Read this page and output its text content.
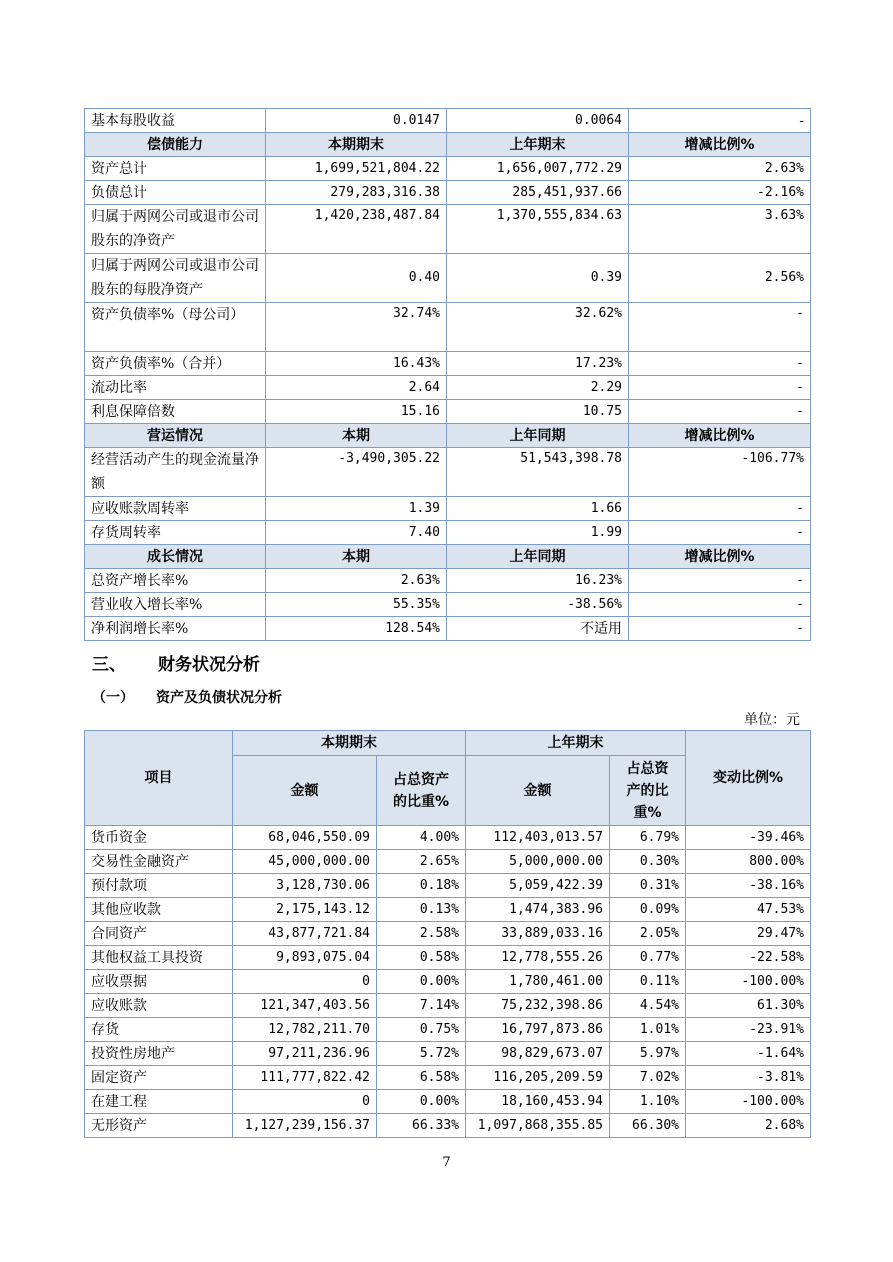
基本每股收益	0.0147	0.0064	-
偿债能力	本期期末	上年期末	增减比例%
资产总计	1,699,521,804.22	1,656,007,772.29	2.63%
负债总计	279,283,316.38	285,451,937.66	-2.16%
归属于两网公司或退市公司股东的净资产	1,420,238,487.84	1,370,555,834.63	3.63%
归属于两网公司或退市公司股东的每股净资产	0.40	0.39	2.56%
资产负债率%（母公司）	32.74%	32.62%	-
资产负债率%（合并）	16.43%	17.23%	-
流动比率	2.64	2.29	-
利息保障倍数	15.16	10.75	-
营运情况	本期	上年同期	增减比例%
经营活动产生的现金流量净额	-3,490,305.22	51,543,398.78	-106.77%
应收账款周转率	1.39	1.66	-
存货周转率	7.40	1.99	-
成长情况	本期	上年同期	增减比例%
总资产增长率%	2.63%	16.23%	-
营业收入增长率%	55.35%	-38.56%	-
净利润增长率%	128.54%	不适用	-
三、 财务状况分析
（一） 资产及负债状况分析
单位：元
项目	本期期末		上年期末		变动比例%
	金额	占总资产的比重%	金额	占总资产的比重%	
货币资金	68,046,550.09	4.00%	112,403,013.57	6.79%	-39.46%
交易性金融资产	45,000,000.00	2.65%	5,000,000.00	0.30%	800.00%
预付款项	3,128,730.06	0.18%	5,059,422.39	0.31%	-38.16%
其他应收款	2,175,143.12	0.13%	1,474,383.96	0.09%	47.53%
合同资产	43,877,721.84	2.58%	33,889,033.16	2.05%	29.47%
其他权益工具投资	9,893,075.04	0.58%	12,778,555.26	0.77%	-22.58%
应收票据	0	0.00%	1,780,461.00	0.11%	-100.00%
应收账款	121,347,403.56	7.14%	75,232,398.86	4.54%	61.30%
存货	12,782,211.70	0.75%	16,797,873.86	1.01%	-23.91%
投资性房地产	97,211,236.96	5.72%	98,829,673.07	5.97%	-1.64%
固定资产	111,777,822.42	6.58%	116,205,209.59	7.02%	-3.81%
在建工程	0	0.00%	18,160,453.94	1.10%	-100.00%
无形资产	1,127,239,156.37	66.33%	1,097,868,355.85	66.30%	2.68%
7
